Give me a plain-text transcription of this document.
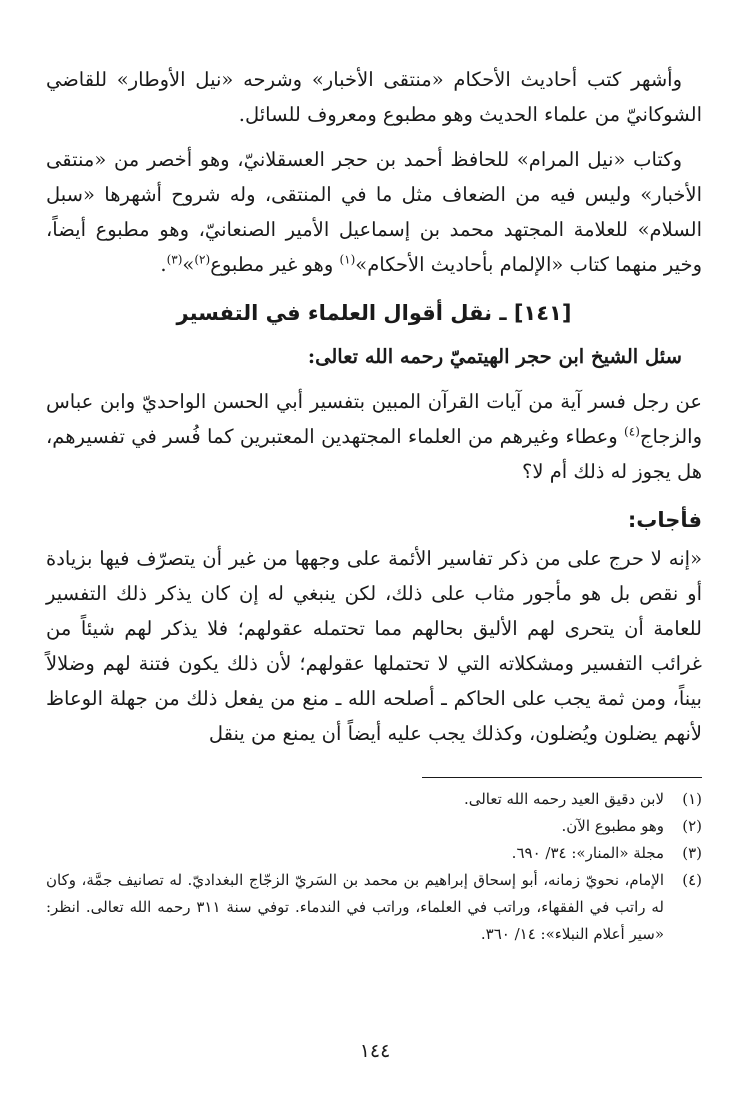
وأشهر كتب أحاديث الأحكام «منتقى الأخبار» وشرحه «نيل الأوطار» للقاضي الشوكانيّ من علماء الحديث وهو مطبوع ومعروف للسائل.

وكتاب «نيل المرام» للحافظ أحمد بن حجر العسقلانيّ، وهو أخصر من «منتقى الأخبار» وليس فيه من الضعاف مثل ما في المنتقى، وله شروح أشهرها «سبل السلام» للعلامة المجتهد محمد بن إسماعيل الأمير الصنعانيّ، وهو مطبوع أيضاً، وخير منهما كتاب «الإلمام بأحاديث الأحكام»$^{(١)}$ وهو غير مطبوع$^{(٢)}$»$^{(٣)}$.

[١٤١] ـ نقل أقوال العلماء في التفسير
سئل الشيخ ابن حجر الهيتميّ رحمه الله تعالى:

عن رجل فسر آية من آيات القرآن المبين بتفسير أبي الحسن الواحديّ وابن عباس والزجاج$^{(٤)}$ وعطاء وغيرهم من العلماء المجتهدين المعتبرين كما فُسر في تفسيرهم، هل يجوز له ذلك أم لا؟

فأجاب:

«إنه لا حرج على من ذكر تفاسير الأئمة على وجهها من غير أن يتصرّف فيها بزيادة أو نقص بل هو مأجور مثاب على ذلك، لكن ينبغي له إن كان يذكر ذلك التفسير للعامة أن يتحرى لهم الأليق بحالهم مما تحتمله عقولهم؛ فلا يذكر لهم شيئاً من غرائب التفسير ومشكلاته التي لا تحتملها عقولهم؛ لأن ذلك يكون فتنة لهم وضلالاً بيناً، ومن ثمة يجب على الحاكم ـ أصلحه الله ـ منع من يفعل ذلك من جهلة الوعاظ لأنهم يضلون ويُضلون، وكذلك يجب عليه أيضاً أن يمنع من ينقل

(١)
لابن دقيق العيد رحمه الله تعالى.
(٢)
وهو مطبوع الآن.
(٣)
مجلة «المنار»: ٣٤/ ٦٩٠.
(٤)
الإمام، نحويّ زمانه، أبو إسحاق إبراهيم بن محمد بن السَريّ الزجّاج البغداديّ. له تصانيف جمَّة، وكان له راتب في الفقهاء، وراتب في العلماء، وراتب في الندماء. توفي سنة ٣١١ رحمه الله تعالى. انظر: «سير أعلام النبلاء»: ١٤/ ٣٦٠.
١٤٤
